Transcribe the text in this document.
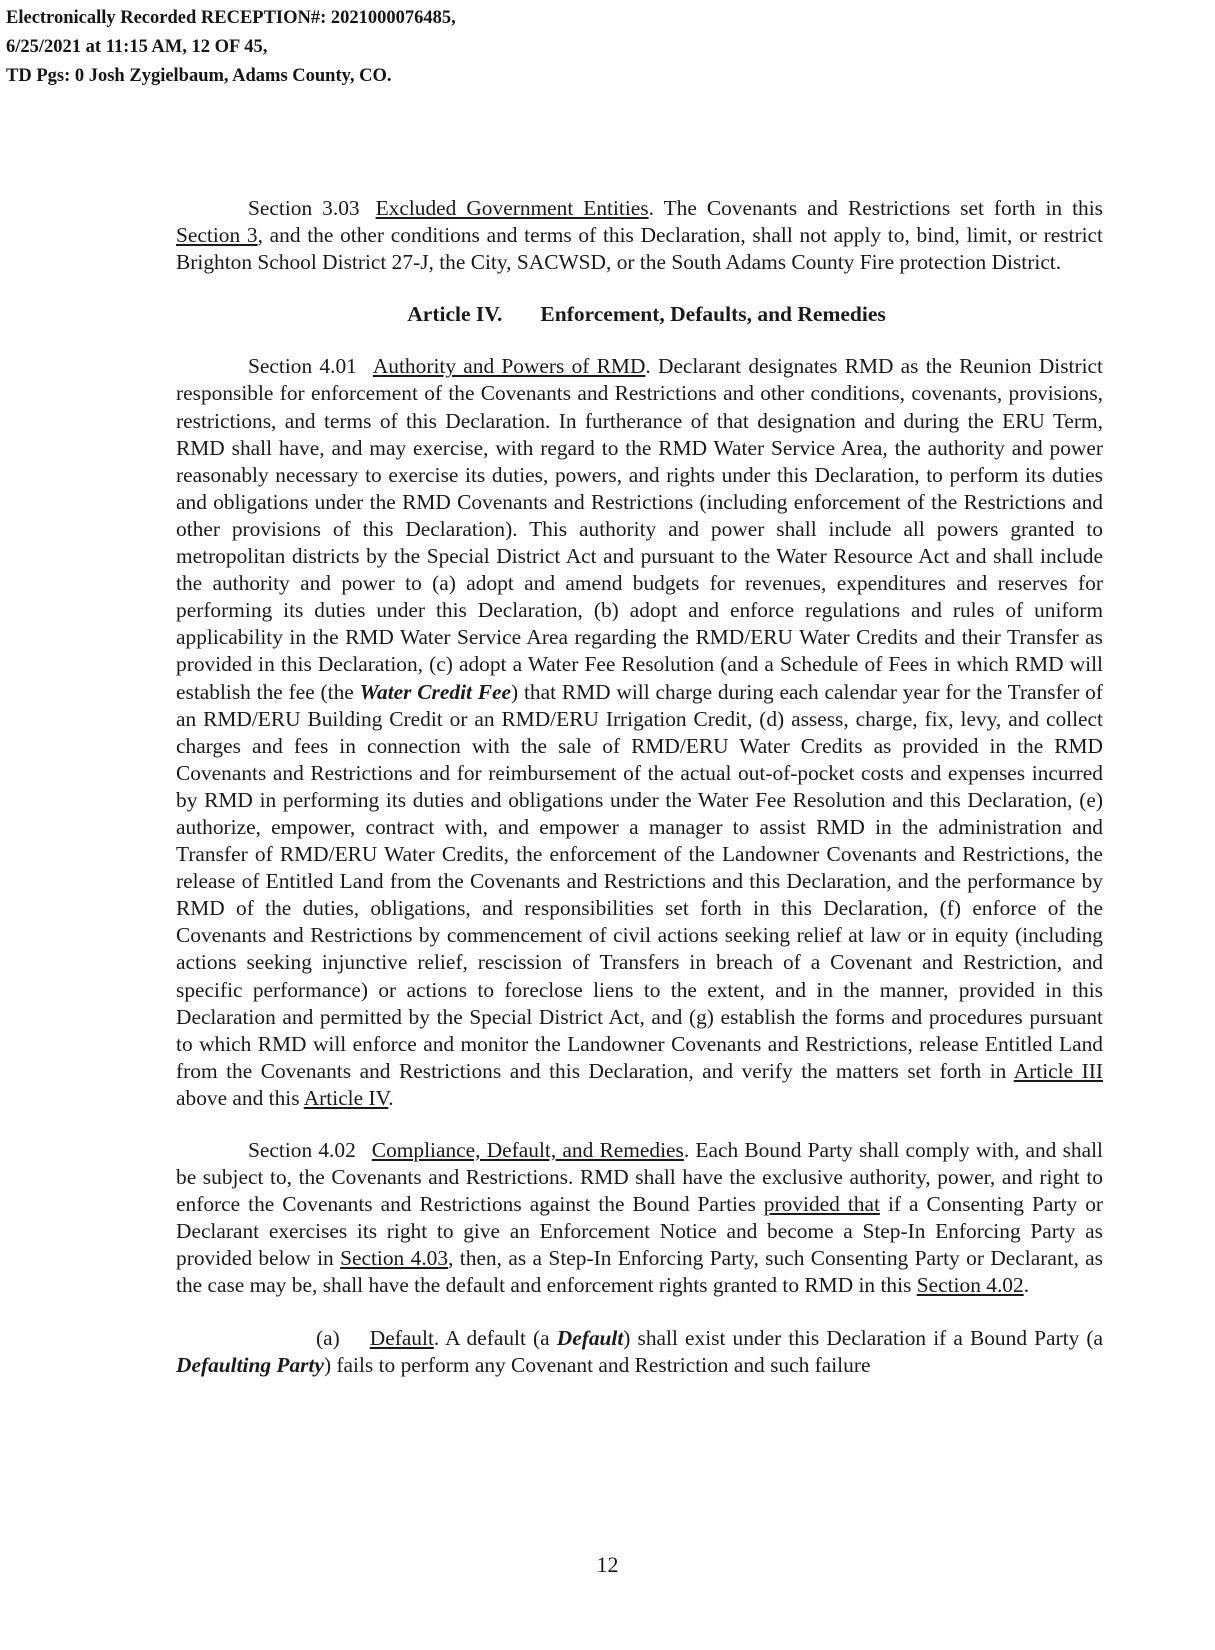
Electronically Recorded RECEPTION#: 2021000076485,
6/25/2021 at 11:15 AM, 12 OF 45,
TD Pgs: 0 Josh Zygielbaum, Adams County, CO.

Section 3.03 Excluded Government Entities. The Covenants and Restrictions set forth in this Section 3, and the other conditions and terms of this Declaration, shall not apply to, bind, limit, or restrict Brighton School District 27-J, the City, SACWSD, or the South Adams County Fire protection District.

Article IV. Enforcement, Defaults, and Remedies

Section 4.01 Authority and Powers of RMD. Declarant designates RMD as the Reunion District responsible for enforcement of the Covenants and Restrictions and other conditions, covenants, provisions, restrictions, and terms of this Declaration. In furtherance of that designation and during the ERU Term, RMD shall have, and may exercise, with regard to the RMD Water Service Area, the authority and power reasonably necessary to exercise its duties, powers, and rights under this Declaration, to perform its duties and obligations under the RMD Covenants and Restrictions (including enforcement of the Restrictions and other provisions of this Declaration). This authority and power shall include all powers granted to metropolitan districts by the Special District Act and pursuant to the Water Resource Act and shall include the authority and power to (a) adopt and amend budgets for revenues, expenditures and reserves for performing its duties under this Declaration, (b) adopt and enforce regulations and rules of uniform applicability in the RMD Water Service Area regarding the RMD/ERU Water Credits and their Transfer as provided in this Declaration, (c) adopt a Water Fee Resolution (and a Schedule of Fees in which RMD will establish the fee (the Water Credit Fee) that RMD will charge during each calendar year for the Transfer of an RMD/ERU Building Credit or an RMD/ERU Irrigation Credit, (d) assess, charge, fix, levy, and collect charges and fees in connection with the sale of RMD/ERU Water Credits as provided in the RMD Covenants and Restrictions and for reimbursement of the actual out-of-pocket costs and expenses incurred by RMD in performing its duties and obligations under the Water Fee Resolution and this Declaration, (e) authorize, empower, contract with, and empower a manager to assist RMD in the administration and Transfer of RMD/ERU Water Credits, the enforcement of the Landowner Covenants and Restrictions, the release of Entitled Land from the Covenants and Restrictions and this Declaration, and the performance by RMD of the duties, obligations, and responsibilities set forth in this Declaration, (f) enforce of the Covenants and Restrictions by commencement of civil actions seeking relief at law or in equity (including actions seeking injunctive relief, rescission of Transfers in breach of a Covenant and Restriction, and specific performance) or actions to foreclose liens to the extent, and in the manner, provided in this Declaration and permitted by the Special District Act, and (g) establish the forms and procedures pursuant to which RMD will enforce and monitor the Landowner Covenants and Restrictions, release Entitled Land from the Covenants and Restrictions and this Declaration, and verify the matters set forth in Article III above and this Article IV.

Section 4.02 Compliance, Default, and Remedies. Each Bound Party shall comply with, and shall be subject to, the Covenants and Restrictions. RMD shall have the exclusive authority, power, and right to enforce the Covenants and Restrictions against the Bound Parties provided that if a Consenting Party or Declarant exercises its right to give an Enforcement Notice and become a Step-In Enforcing Party as provided below in Section 4.03, then, as a Step-In Enforcing Party, such Consenting Party or Declarant, as the case may be, shall have the default and enforcement rights granted to RMD in this Section 4.02.

(a) Default. A default (a Default) shall exist under this Declaration if a Bound Party (a Defaulting Party) fails to perform any Covenant and Restriction and such failure

12
